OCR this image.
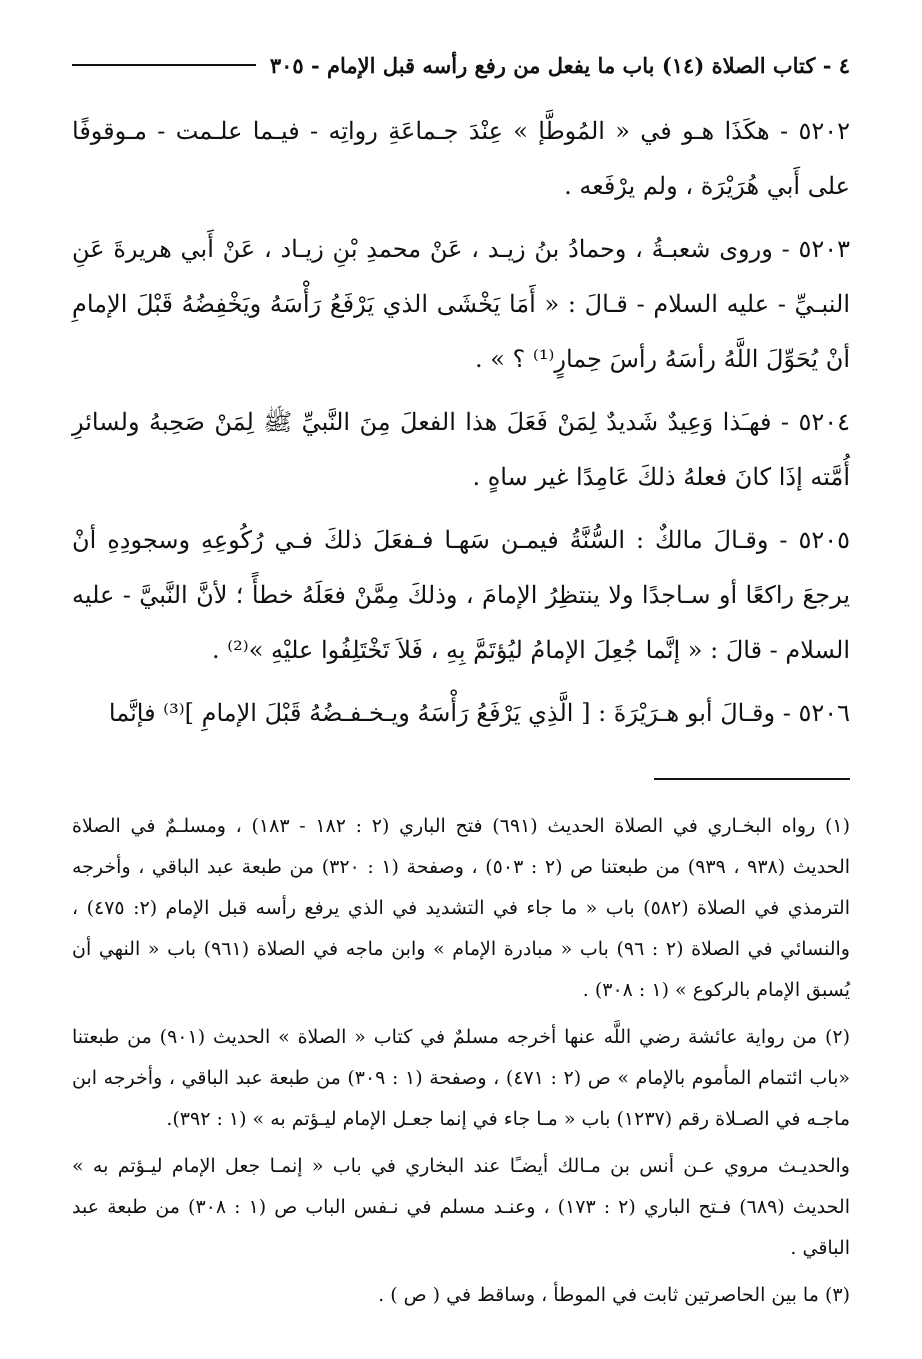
٤ - كتاب الصلاة (١٤) باب ما يفعل من رفع رأسه قبل الإمام - ٣٠٥

٥٢٠٢ - هكَذَا هـو في « المُوطَّإ » عِنْدَ جـماعَةِ رواتِه - فيـما علـمت - مـوقوفًا على أَبي هُرَيْرَة ، ولم يرْفَعه .

٥٢٠٣ - وروى شعبـةُ ، وحمادُ بنُ زيـد ، عَنْ محمدِ بْنِ زيـاد ، عَنْ أَبي هريرةَ عَنِ النبـيِّ - عليه السلام - قـالَ : « أَمَا يَخْشَى الذي يَرْفَعُ رَأْسَهُ ويَخْفِضُهُ قَبْلَ الإمامِ أنْ يُحَوِّلَ اللَّهُ رأسَهُ رأسَ حِمارٍ⁽¹⁾ ؟ » .

٥٢٠٤ - فهـَذا وَعِيدٌ شَديدٌ لِمَنْ فَعَلَ هذا الفعلَ مِنَ النَّبيِّ ﷺ لِمَنْ صَحِبهُ ولسائرِ أُمَّته إذَا كانَ فعلهُ ذلكَ عَامِدًا غير ساهٍ .

٥٢٠٥ - وقـالَ مالكٌ : السُّنَّةُ فيمـن سَهـا فـفعَلَ ذلكَ فـي رُكُوعِهِ وسجودِهِ أنْ يرجعَ راكعًا أو سـاجدًا ولا ينتظِرُ الإمامَ ، وذلكَ مِمَّنْ فعَلَهُ خطأً ؛ لأنَّ النَّبيَّ - عليه السلام - قالَ : « إنَّما جُعِلَ الإمامُ ليُؤتَمَّ بِهِ ، فَلاَ تَخْتَلِفُوا عليْهِ »⁽²⁾ .

٥٢٠٦ - وقـالَ أبو هـرَيْرَةَ : [ الَّذِي يَرْفَعُ رَأْسَهُ ويـخـفـضُهُ قَبْلَ الإمامِ ]⁽³⁾ فإنَّما

(١) رواه البخـاري في الصلاة الحديث (٦٩١) فتح الباري (٢ : ١٨٢ - ١٨٣) ، ومسلـمٌ في الصلاة الحديث (٩٣٨ ، ٩٣٩) من طبعتنا ص (٢ : ٥٠٣) ، وصفحة (١ : ٣٢٠) من طبعة عبد الباقي ، وأخرجه الترمذي في الصلاة (٥٨٢) باب « ما جاء في التشديد في الذي يرفع رأسه قبل الإمام (٢: ٤٧٥) ، والنسائي في الصلاة (٢ : ٩٦) باب « مبادرة الإمام » وابن ماجه في الصلاة (٩٦١) باب « النهي أن يُسبق الإمام بالركوع » (١ : ٣٠٨) .

(٢) من رواية عائشة رضي اللَّه عنها أخرجه مسلمٌ في كتاب « الصلاة » الحديث (٩٠١) من طبعتنا «باب ائتمام المأموم بالإمام » ص (٢ : ٤٧١) ، وصفحة (١ : ٣٠٩) من طبعة عبد الباقي ، وأخرجه ابن ماجـه في الصـلاة رقم (١٢٣٧) باب « مـا جاء في إنما جعـل الإمام ليـؤتم به » (١ : ٣٩٢).

والحديـث مروي عـن أنس بن مـالك أيضـًا عند البخاري في باب « إنمـا جعل الإمام ليـؤتم به » الحديث (٦٨٩) فـتح الباري (٢ : ١٧٣) ، وعنـد مسلم في نـفس الباب ص (١ : ٣٠٨) من طبعة عبد الباقي .

(٣) ما بين الحاصرتين ثابت في الموطأ ، وساقط في ( ص ) .
